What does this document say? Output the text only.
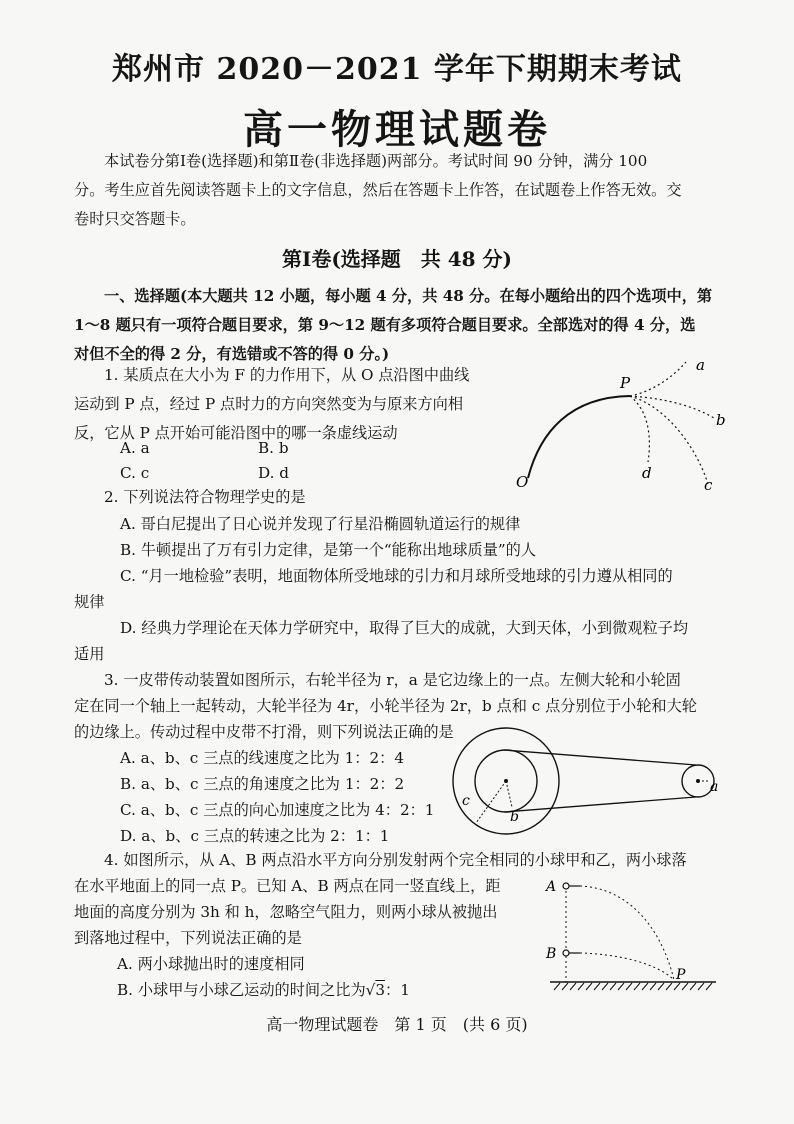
郑州市 2020－2021 学年下期期末考试
高一物理试题卷
本试卷分第Ⅰ卷(选择题)和第Ⅱ卷(非选择题)两部分。考试时间 90 分钟，满分 100
分。考生应首先阅读答题卡上的文字信息，然后在答题卡上作答，在试题卷上作答无效。交
卷时只交答题卡。
第Ⅰ卷(选择题　共 48 分)
一、选择题(本大题共 12 小题，每小题 4 分，共 48 分。在每小题给出的四个选项中，第
1～8 题只有一项符合题目要求，第 9～12 题有多项符合题目要求。全部选对的得 4 分，选
对但不全的得 2 分，有选错或不答的得 0 分。)
1. 某质点在大小为 F 的力作用下，从 O 点沿图中曲线
运动到 P 点，经过 P 点时力的方向突然变为与原来方向相
反，它从 P 点开始可能沿图中的哪一条虚线运动
A. a	B. b
C. c	D. d	O
P
a
b
c
d
2. 下列说法符合物理学史的是
A. 哥白尼提出了日心说并发现了行星沿椭圆轨道运行的规律
B. 牛顿提出了万有引力定律，是第一个“能称出地球质量”的人
C. “月一地检验”表明，地面物体所受地球的引力和月球所受地球的引力遵从相同的
规律
D. 经典力学理论在天体力学研究中，取得了巨大的成就，大到天体，小到微观粒子均
适用
3. 一皮带传动装置如图所示，右轮半径为 r，a 是它边缘上的一点。左侧大轮和小轮固
定在同一个轴上一起转动，大轮半径为 4r，小轮半径为 2r，b 点和 c 点分别位于小轮和大轮
的边缘上。传动过程中皮带不打滑，则下列说法正确的是
A. a、b、c 三点的线速度之比为 1：2：4
B. a、b、c 三点的角速度之比为 1：2：2
C. a、b、c 三点的向心加速度之比为 4：2：1
D. a、b、c 三点的转速之比为 2：1：1
a
b
c
4. 如图所示，从 A、B 两点沿水平方向分别发射两个完全相同的小球甲和乙，两小球落
在水平地面上的同一点 P。已知 A、B 两点在同一竖直线上，距
地面的高度分别为 3h 和 h，忽略空气阻力，则两小球从被抛出
到落地过程中，下列说法正确的是
A. 两小球抛出时的速度相同
B. 小球甲与小球乙运动的时间之比为√3：1
A
B
P
高一物理试题卷　第 1 页　(共 6 页)
